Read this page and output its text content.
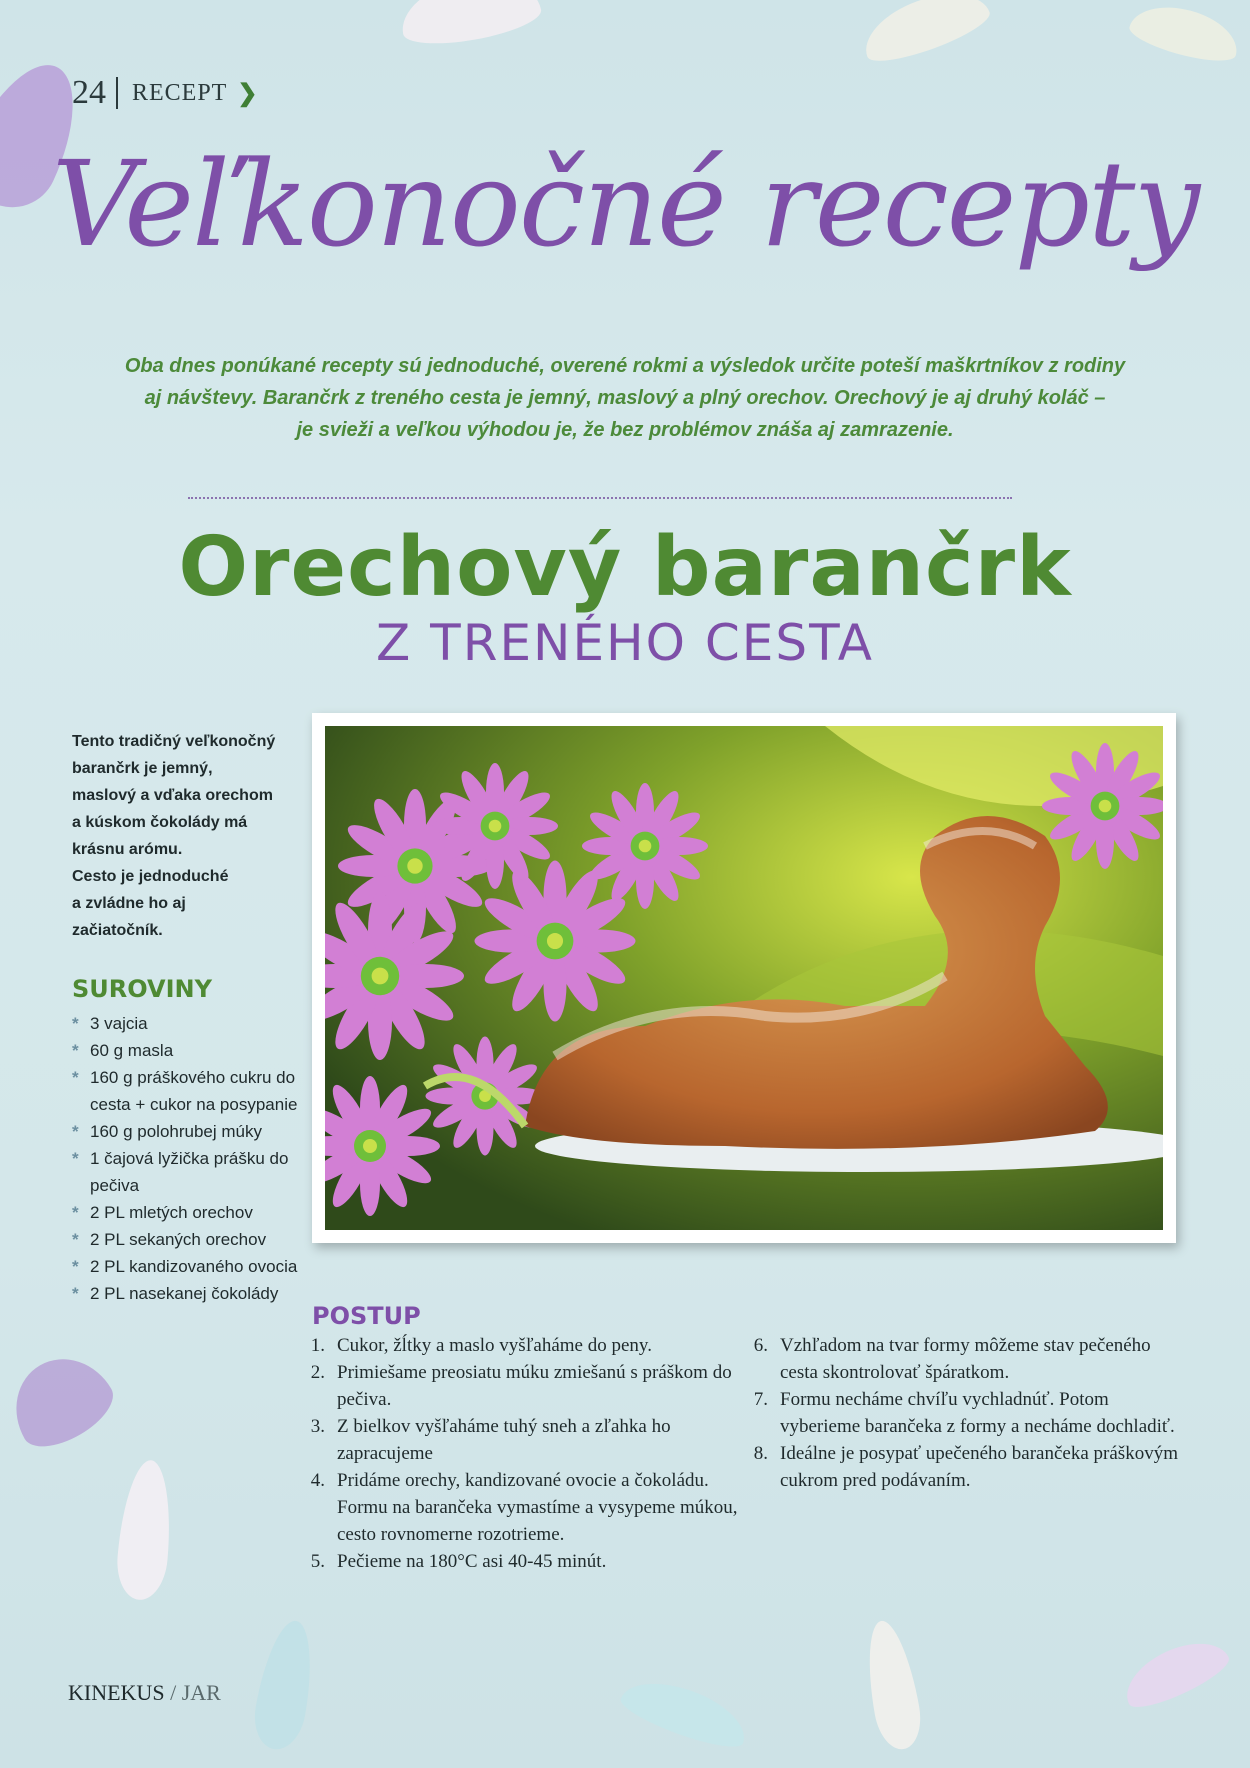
24 RECEPT ❯
Veľkonočné recepty
Oba dnes ponúkané recepty sú jednoduché, overené rokmi a výsledok určite poteší maškrtníkov z rodiny
aj návštevy. Barančrk z treného cesta je jemný, maslový a plný orechov. Orechový je aj druhý koláč –
je svieži a veľkou výhodou je, že bez problémov znáša aj zamrazenie.
Orechový barančrk
Z TRENÉHO CESTA
Tento tradičný veľkonočný
barančrk je jemný,
maslový a vďaka orechom
a kúskom čokolády má
krásnu arómu.
Cesto je jednoduché
a zvládne ho aj
začiatočník.
SUROVINY
* 3 vajcia
* 60 g masla
* 160 g práškového cukru do cesta + cukor na posypanie
* 160 g polohrubej múky
* 1 čajová lyžička prášku do pečiva
* 2 PL mletých orechov
* 2 PL sekaných orechov
* 2 PL kandizovaného ovocia
* 2 PL nasekanej čokolády
POSTUP
1. Cukor, žĺtky a maslo vyšľaháme do peny.
2. Primiešame preosiatu múku zmiešanú s práškom do pečiva.
3. Z bielkov vyšľaháme tuhý sneh a zľahka ho zapracujeme
4. Pridáme orechy, kandizované ovocie a čokoládu. Formu na barančeka vymastíme a vysypeme múkou, cesto rovnomerne rozotrieme.
5. Pečieme na 180°C asi 40-45 minút.
6. Vzhľadom na tvar formy môžeme stav pečeného cesta skontrolovať špáratkom.
7. Formu necháme chvíľu vychladnúť. Potom vyberieme barančeka z formy a necháme dochladiť.
8. Ideálne je posypať upečeného barančeka práškovým cukrom pred podávaním.
KINEKUS / JAR
